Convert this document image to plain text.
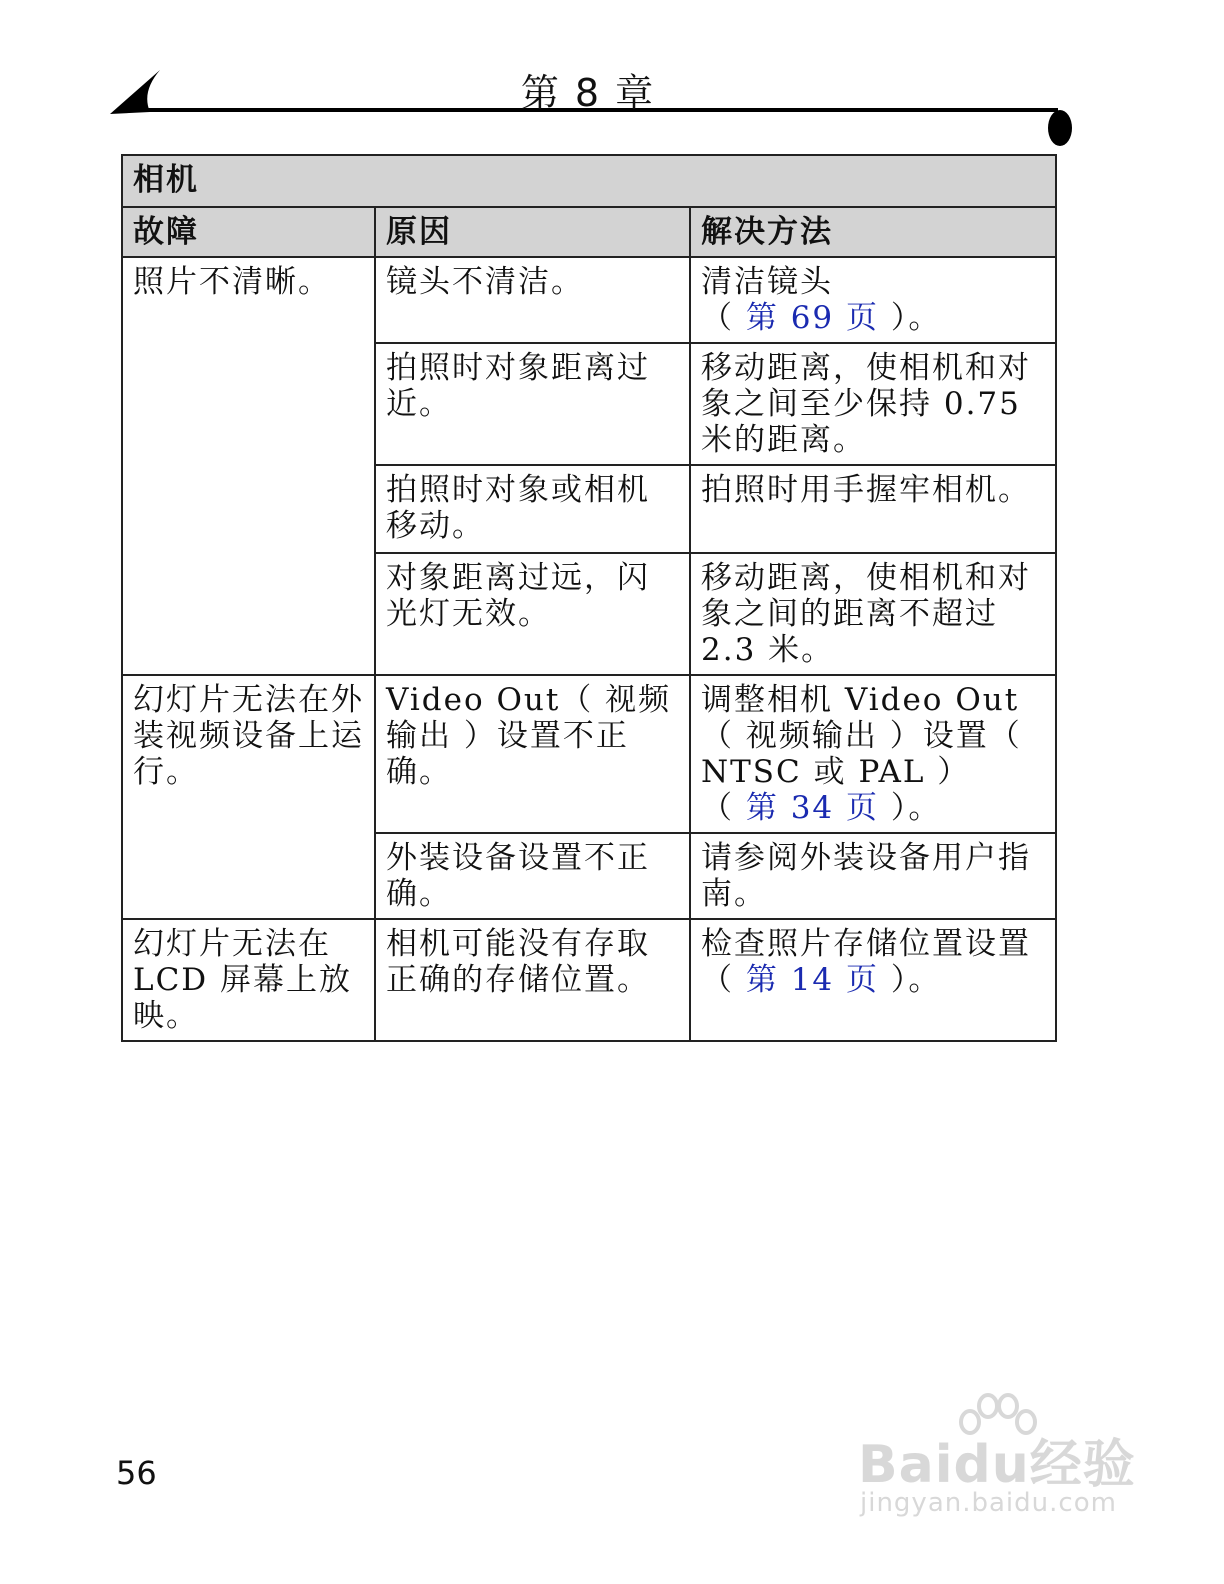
第 8 章
相机		
故障	原因	解决方法
照片不清晰。	镜头不清洁。	清洁镜头
（ 第 69 页 ）。
	拍照时对象距离过近。	移动距离，使相机和对象之间至少保持 0.75 米的距离。
	拍照时对象或相机移动。	拍照时用手握牢相机。
	对象距离过远，闪光灯无效。	移动距离，使相机和对象之间的距离不超过 2.3 米。
幻灯片无法在外装视频设备上运行。	Video Out（ 视频输出 ）设置不正确。	调整相机 Video Out（ 视频输出 ）设置（ NTSC 或 PAL ）
（ 第 34 页 ）。
	外装设备设置不正确。	请参阅外装设备用户指南。
幻灯片无法在 LCD 屏幕上放映。	相机可能没有存取正确的存储位置。	检查照片存储位置设置（ 第 14 页 ）。
56	Baidu经验
jingyan.baidu.com
